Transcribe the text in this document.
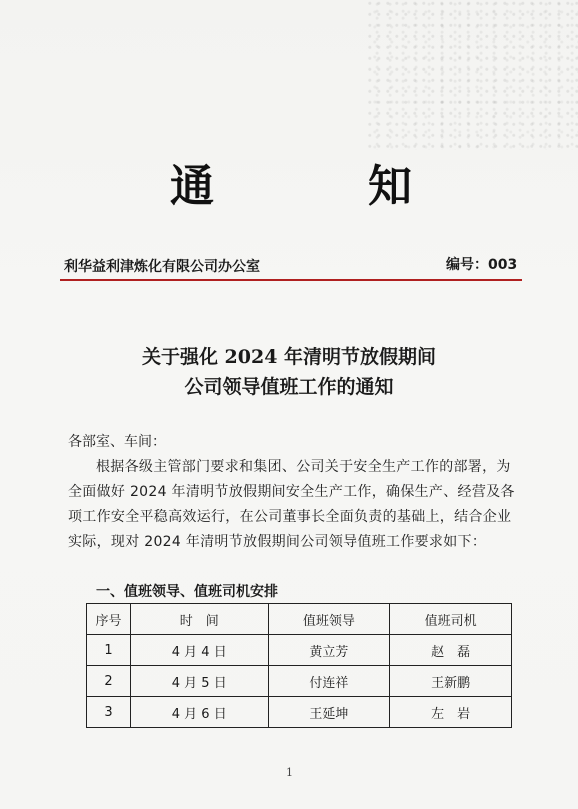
通	知
利华益利津炼化有限公司办公室	编号：003
关于强化 2024 年清明节放假期间
公司领导值班工作的通知
各部室、车间：
根据各级主管部门要求和集团、公司关于安全生产工作的部署，为全面做好 2024 年清明节放假期间安全生产工作，确保生产、经营及各项工作安全平稳高效运行，在公司董事长全面负责的基础上，结合企业实际，现对 2024 年清明节放假期间公司领导值班工作要求如下：
一、值班领导、值班司机安排
序号	时　间	值班领导	值班司机
1	4 月 4 日	黄立芳	赵　磊
2	4 月 5 日	付连祥	王新鹏
3	4 月 6 日	王延坤	左　岩
1
